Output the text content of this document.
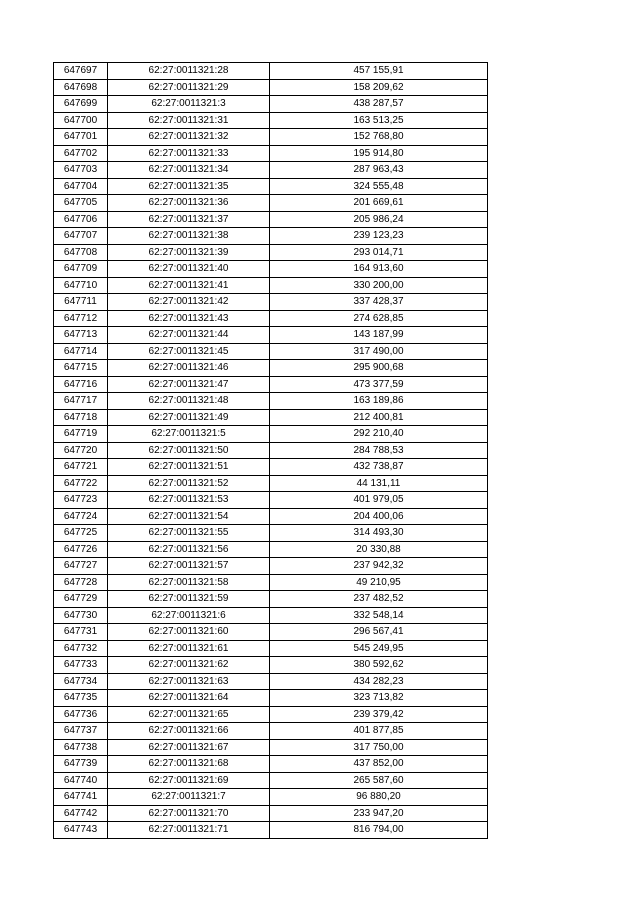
647697	62:27:0011321:28	457 155,91
647698	62:27:0011321:29	158 209,62
647699	62:27:0011321:3	438 287,57
647700	62:27:0011321:31	163 513,25
647701	62:27:0011321:32	152 768,80
647702	62:27:0011321:33	195 914,80
647703	62:27:0011321:34	287 963,43
647704	62:27:0011321:35	324 555,48
647705	62:27:0011321:36	201 669,61
647706	62:27:0011321:37	205 986,24
647707	62:27:0011321:38	239 123,23
647708	62:27:0011321:39	293 014,71
647709	62:27:0011321:40	164 913,60
647710	62:27:0011321:41	330 200,00
647711	62:27:0011321:42	337 428,37
647712	62:27:0011321:43	274 628,85
647713	62:27:0011321:44	143 187,99
647714	62:27:0011321:45	317 490,00
647715	62:27:0011321:46	295 900,68
647716	62:27:0011321:47	473 377,59
647717	62:27:0011321:48	163 189,86
647718	62:27:0011321:49	212 400,81
647719	62:27:0011321:5	292 210,40
647720	62:27:0011321:50	284 788,53
647721	62:27:0011321:51	432 738,87
647722	62:27:0011321:52	44 131,11
647723	62:27:0011321:53	401 979,05
647724	62:27:0011321:54	204 400,06
647725	62:27:0011321:55	314 493,30
647726	62:27:0011321:56	20 330,88
647727	62:27:0011321:57	237 942,32
647728	62:27:0011321:58	49 210,95
647729	62:27:0011321:59	237 482,52
647730	62:27:0011321:6	332 548,14
647731	62:27:0011321:60	296 567,41
647732	62:27:0011321:61	545 249,95
647733	62:27:0011321:62	380 592,62
647734	62:27:0011321:63	434 282,23
647735	62:27:0011321:64	323 713,82
647736	62:27:0011321:65	239 379,42
647737	62:27:0011321:66	401 877,85
647738	62:27:0011321:67	317 750,00
647739	62:27:0011321:68	437 852,00
647740	62:27:0011321:69	265 587,60
647741	62:27:0011321:7	96 880,20
647742	62:27:0011321:70	233 947,20
647743	62:27:0011321:71	816 794,00
